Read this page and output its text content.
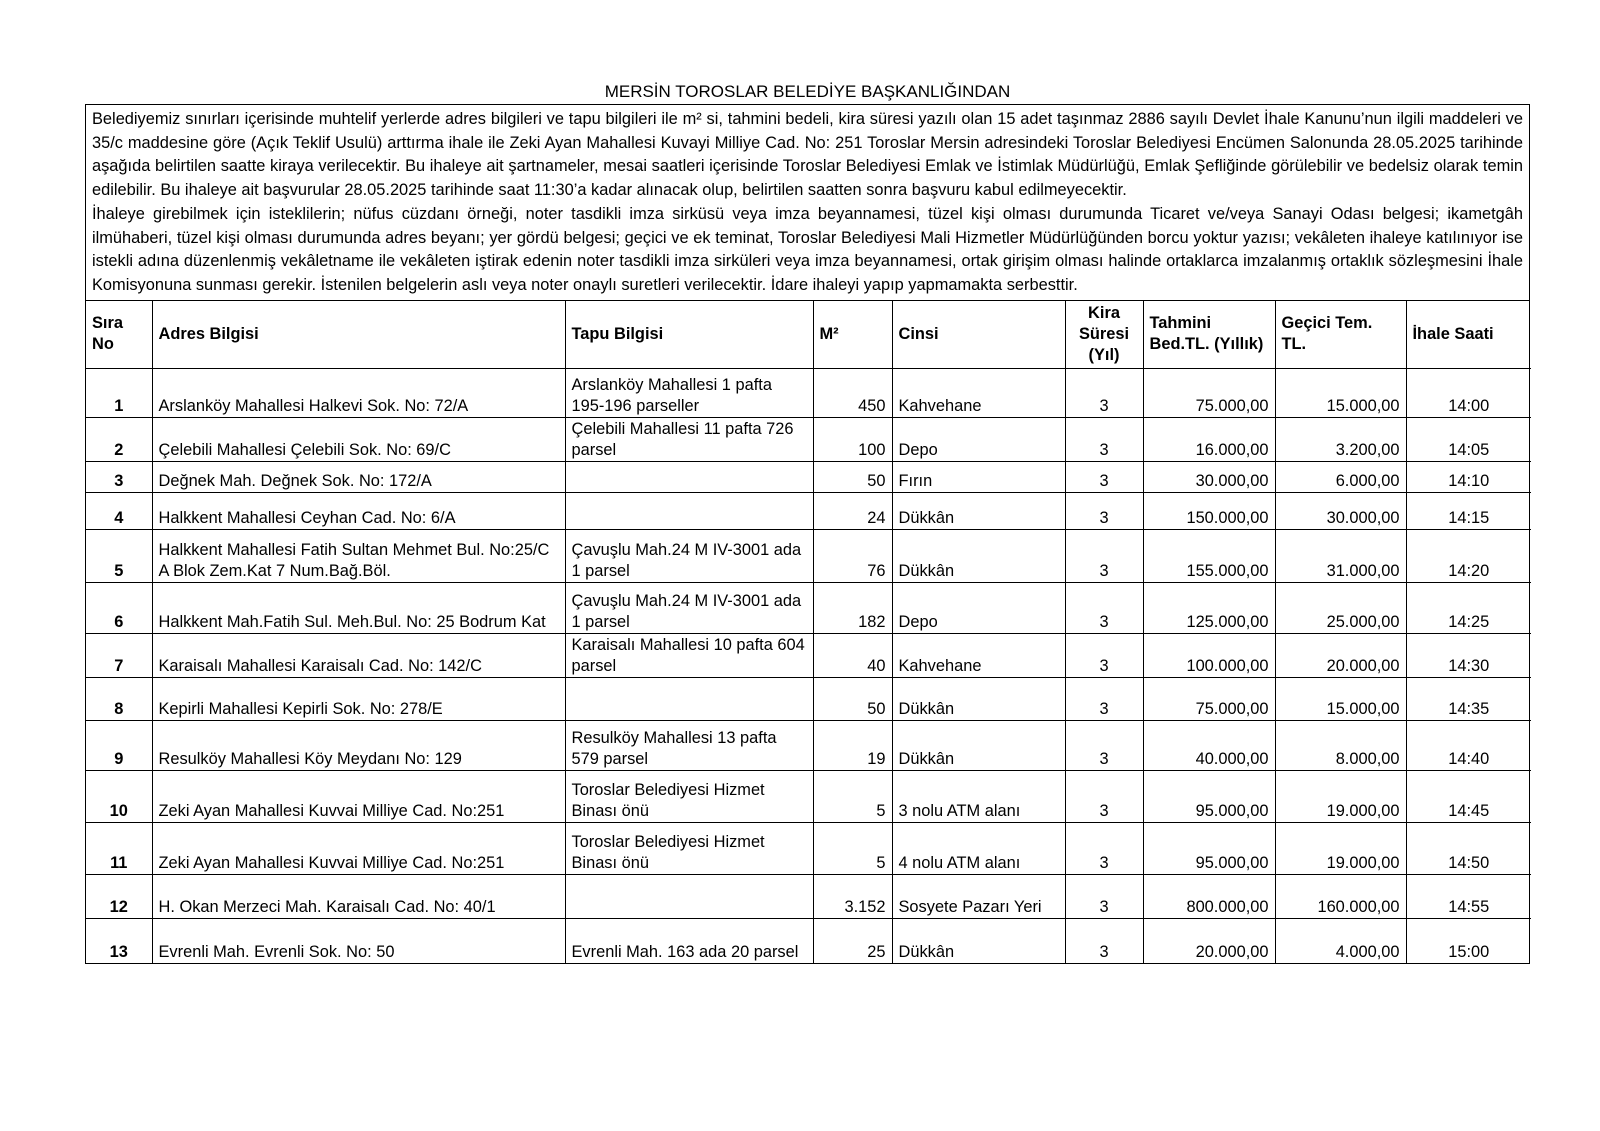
MERSİN TOROSLAR BELEDİYE BAŞKANLIĞINDAN

Belediyemiz sınırları içerisinde muhtelif yerlerde adres bilgileri ve tapu bilgileri ile m² si, tahmini bedeli, kira süresi yazılı olan 15 adet taşınmaz 2886 sayılı Devlet İhale Kanunu’nun ilgili maddeleri ve 35/c maddesine göre (Açık Teklif Usulü) arttırma ihale ile Zeki Ayan Mahallesi Kuvayi Milliye Cad. No: 251 Toroslar Mersin adresindeki Toroslar Belediyesi Encümen Salonunda 28.05.2025 tarihinde aşağıda belirtilen saatte kiraya verilecektir. Bu ihaleye ait şartnameler, mesai saatleri içerisinde Toroslar Belediyesi Emlak ve İstimlak Müdürlüğü, Emlak Şefliğinde görülebilir ve bedelsiz olarak temin edilebilir. Bu ihaleye ait başvurular 28.05.2025 tarihinde saat 11:30’a kadar alınacak olup, belirtilen saatten sonra başvuru kabul edilmeyecektir.

İhaleye girebilmek için isteklilerin; nüfus cüzdanı örneği, noter tasdikli imza sirküsü veya imza beyannamesi, tüzel kişi olması durumunda Ticaret ve/veya Sanayi Odası belgesi; ikametgâh ilmühaberi, tüzel kişi olması durumunda adres beyanı; yer gördü belgesi; geçici ve ek teminat, Toroslar Belediyesi Mali Hizmetler Müdürlüğünden borcu yoktur yazısı; vekâleten ihaleye katılınıyor ise istekli adına düzenlenmiş vekâletname ile vekâleten iştirak edenin noter tasdikli imza sirküleri veya imza beyannamesi, ortak girişim olması halinde ortaklarca imzalanmış ortaklık sözleşmesini İhale Komisyonuna sunması gerekir. İstenilen belgelerin aslı veya noter onaylı suretleri verilecektir. İdare ihaleyi yapıp yapmamakta serbesttir.

Sıra No	Adres Bilgisi	Tapu Bilgisi	M²	Cinsi	Kira Süresi (Yıl)	Tahmini Bed.TL. (Yıllık)	Geçici Tem. TL.	İhale Saati
1	Arslanköy Mahallesi Halkevi Sok. No: 72/A	Arslanköy Mahallesi 1 pafta 195-196 parseller	450	Kahvehane	3	75.000,00	15.000,00	14:00
2	Çelebili Mahallesi Çelebili Sok. No: 69/C	Çelebili Mahallesi 11 pafta 726 parsel	100	Depo	3	16.000,00	3.200,00	14:05
3	Değnek Mah. Değnek Sok. No: 172/A		50	Fırın	3	30.000,00	6.000,00	14:10
4	Halkkent Mahallesi Ceyhan Cad. No: 6/A		24	Dükkân	3	150.000,00	30.000,00	14:15
5	Halkkent Mahallesi Fatih Sultan Mehmet Bul. No:25/C A Blok Zem.Kat 7 Num.Bağ.Böl.	Çavuşlu Mah.24 M IV-3001 ada 1 parsel	76	Dükkân	3	155.000,00	31.000,00	14:20
6	Halkkent Mah.Fatih Sul. Meh.Bul. No: 25 Bodrum Kat	Çavuşlu Mah.24 M IV-3001 ada 1 parsel	182	Depo	3	125.000,00	25.000,00	14:25
7	Karaisalı Mahallesi Karaisalı Cad. No: 142/C	Karaisalı Mahallesi 10 pafta 604 parsel	40	Kahvehane	3	100.000,00	20.000,00	14:30
8	Kepirli Mahallesi Kepirli Sok. No: 278/E		50	Dükkân	3	75.000,00	15.000,00	14:35
9	Resulköy Mahallesi Köy Meydanı No: 129	Resulköy Mahallesi 13 pafta 579 parsel	19	Dükkân	3	40.000,00	8.000,00	14:40
10	Zeki Ayan Mahallesi Kuvvai Milliye Cad. No:251	Toroslar Belediyesi Hizmet Binası önü	5	3 nolu ATM alanı	3	95.000,00	19.000,00	14:45
11	Zeki Ayan Mahallesi Kuvvai Milliye Cad. No:251	Toroslar Belediyesi Hizmet Binası önü	5	4 nolu ATM alanı	3	95.000,00	19.000,00	14:50
12	H. Okan Merzeci Mah. Karaisalı Cad. No: 40/1		3.152	Sosyete Pazarı Yeri	3	800.000,00	160.000,00	14:55
13	Evrenli Mah. Evrenli Sok. No: 50	Evrenli Mah. 163 ada 20 parsel	25	Dükkân	3	20.000,00	4.000,00	15:00
